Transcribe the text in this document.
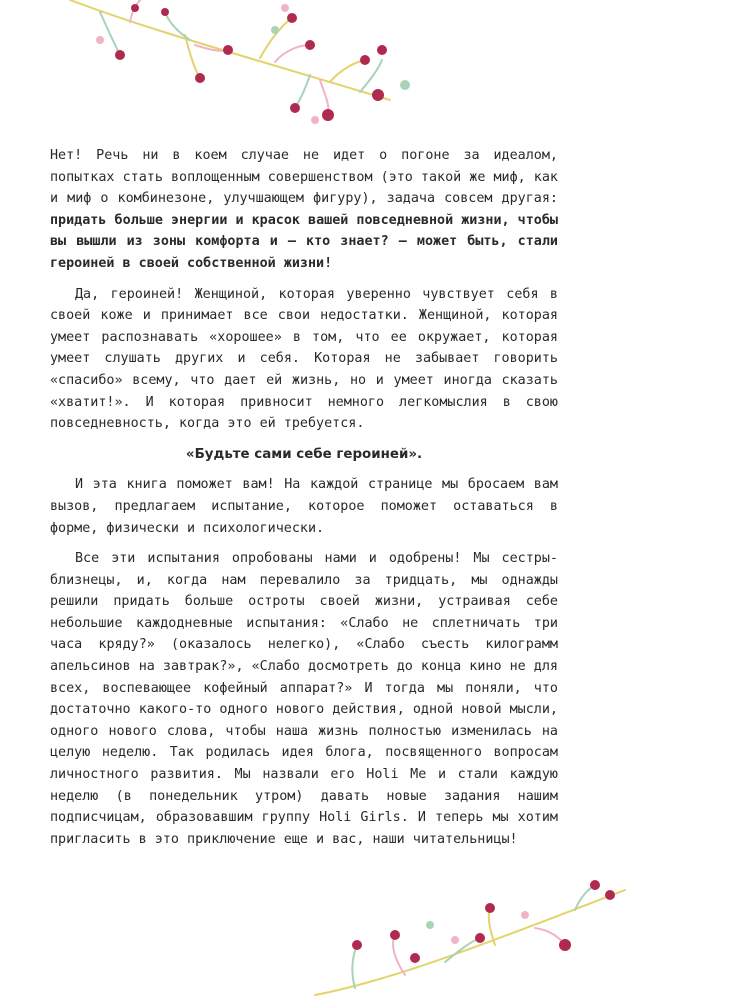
Нет! Речь ни в коем случае не идет о погоне за идеалом, попытках стать воплощенным совершенством (это такой же миф, как и миф о комбинезоне, улучшающем фигуру), задача совсем другая: придать больше энергии и красок вашей повседневной жизни, чтобы вы вышли из зоны комфорта и — кто знает? — может быть, стали героиней в своей собственной жизни!

Да, героиней! Женщиной, которая уверенно чувствует себя в своей коже и принимает все свои недостатки. Женщиной, которая умеет распознавать «хорошее» в том, что ее окружает, которая умеет слушать других и себя. Которая не забывает говорить «спасибо» всему, что дает ей жизнь, но и умеет иногда сказать «хватит!». И которая привносит немного легкомыслия в свою повседневность, когда это ей требуется.

«Будьте сами себе героиней».

И эта книга поможет вам! На каждой странице мы бросаем вам вызов, предлагаем испытание, которое поможет оставаться в форме, физически и психологически.

Все эти испытания опробованы нами и одобрены! Мы сестры-близнецы, и, когда нам перевалило за тридцать, мы однажды решили придать больше остроты своей жизни, устраивая себе небольшие каждодневные испытания: «Слабо не сплетничать три часа кряду?» (оказалось нелегко), «Слабо съесть килограмм апельсинов на завтрак?», «Слабо досмотреть до конца кино не для всех, воспевающее кофейный аппарат?» И тогда мы поняли, что достаточно какого-то одного нового действия, одной новой мысли, одного нового слова, чтобы наша жизнь полностью изменилась на целую неделю. Так родилась идея блога, посвященного вопросам личностного развития. Мы назвали его Holi Me и стали каждую неделю (в понедельник утром) давать новые задания нашим подписчицам, образовавшим группу Holi Girls. И теперь мы хотим пригласить в это приключение еще и вас, наши читательницы!
